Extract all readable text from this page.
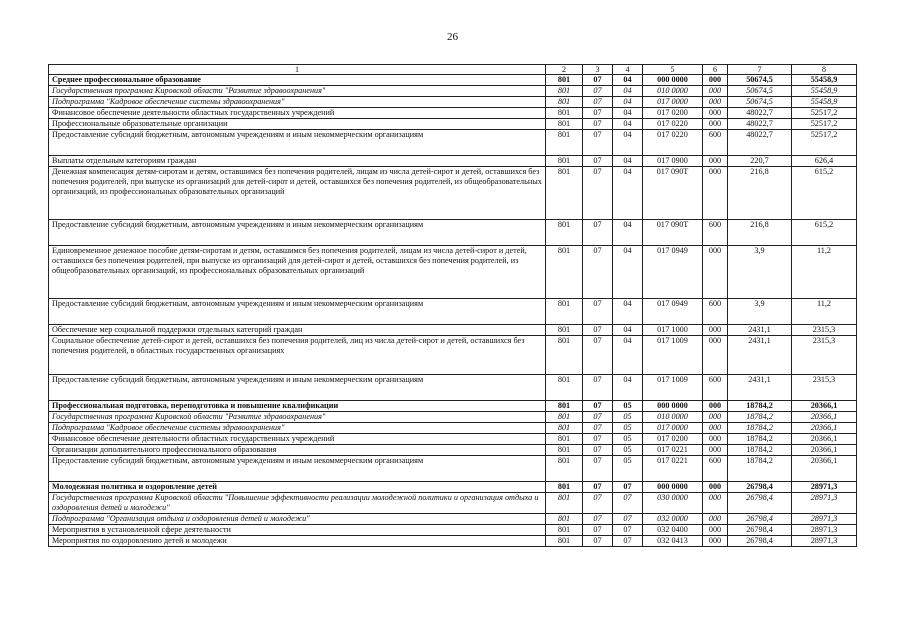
26
1	2	3	4	5	6	7	8
Среднее профессиональное образование	801	07	04	000 0000	000	50674,5	55458,9
Государственная программа Кировской области "Развитие здравоохранения"	801	07	04	010 0000	000	50674,5	55458,9
Подпрограмма "Кадровое обеспечение системы здравоохранения"	801	07	04	017 0000	000	50674,5	55458,9
Финансовое обеспечение деятельности областных государственных учреждений	801	07	04	017 0200	000	48022,7	52517,2
Профессиональные образовательные организации	801	07	04	017 0220	000	48022,7	52517,2
Предоставление субсидий бюджетным, автономным учреждениям и иным некоммерческим организациям	801	07	04	017 0220	600	48022,7	52517,2
Выплаты отдельным категориям граждан	801	07	04	017 0900	000	220,7	626,4
Денежная компенсация детям-сиротам и детям, оставшимся без попечения родителей, лицам из числа детей-сирот и детей, оставшихся без попечения родителей, при выпуске из организаций для детей-сирот и детей, оставшихся без попечения родителей, из общеобразовательных организаций, из профессиональных образовательных организаций	801	07	04	017 090Т	000	216,8	615,2
Предоставление субсидий бюджетным, автономным учреждениям и иным некоммерческим организациям	801	07	04	017 090Т	600	216,8	615,2
Единовременное денежное пособие детям-сиротам и детям, оставшимся без попечения родителей, лицам из числа детей-сирот и детей, оставшихся без попечения родителей, при выпуске из организаций для детей-сирот и детей, оставшихся без попечения родителей, из общеобразовательных организаций, из профессиональных образовательных организаций	801	07	04	017 0949	000	3,9	11,2
Предоставление субсидий бюджетным, автономным учреждениям и иным некоммерческим организациям	801	07	04	017 0949	600	3,9	11,2
Обеспечение мер социальной поддержки отдельных категорий граждан	801	07	04	017 1000	000	2431,1	2315,3
Социальное обеспечение детей-сирот и детей, оставшихся без попечения родителей, лиц из числа детей-сирот и детей, оставшихся без попечения родителей, в областных государственных организациях	801	07	04	017 1009	000	2431,1	2315,3
Предоставление субсидий бюджетным, автономным учреждениям и иным некоммерческим организациям	801	07	04	017 1009	600	2431,1	2315,3
Профессиональная подготовка, переподготовка и повышение квалификации	801	07	05	000 0000	000	18784,2	20366,1
Государственная программа Кировской области "Развитие здравоохранения"	801	07	05	010 0000	000	18784,2	20366,1
Подпрограмма "Кадровое обеспечение системы здравоохранения"	801	07	05	017 0000	000	18784,2	20366,1
Финансовое обеспечение деятельности областных государственных учреждений	801	07	05	017 0200	000	18784,2	20366,1
Организации дополнительного профессионального образования	801	07	05	017 0221	000	18784,2	20366,1
Предоставление субсидий бюджетным, автономным учреждениям и иным некоммерческим организациям	801	07	05	017 0221	600	18784,2	20366,1
Молодежная политика и оздоровление детей	801	07	07	000 0000	000	26798,4	28971,3
Государственная программа Кировской области "Повышение эффективности реализации молодежной политики и организация отдыха и оздоровления детей и молодежи"	801	07	07	030 0000	000	26798,4	28971,3
Подпрограмма "Организация отдыха и оздоровления детей и молодежи"	801	07	07	032 0000	000	26798,4	28971,3
Мероприятия в установленной сфере деятельности	801	07	07	032 0400	000	26798,4	28971,3
Мероприятия по оздоровлению детей и молодежи	801	07	07	032 0413	000	26798,4	28971,3
